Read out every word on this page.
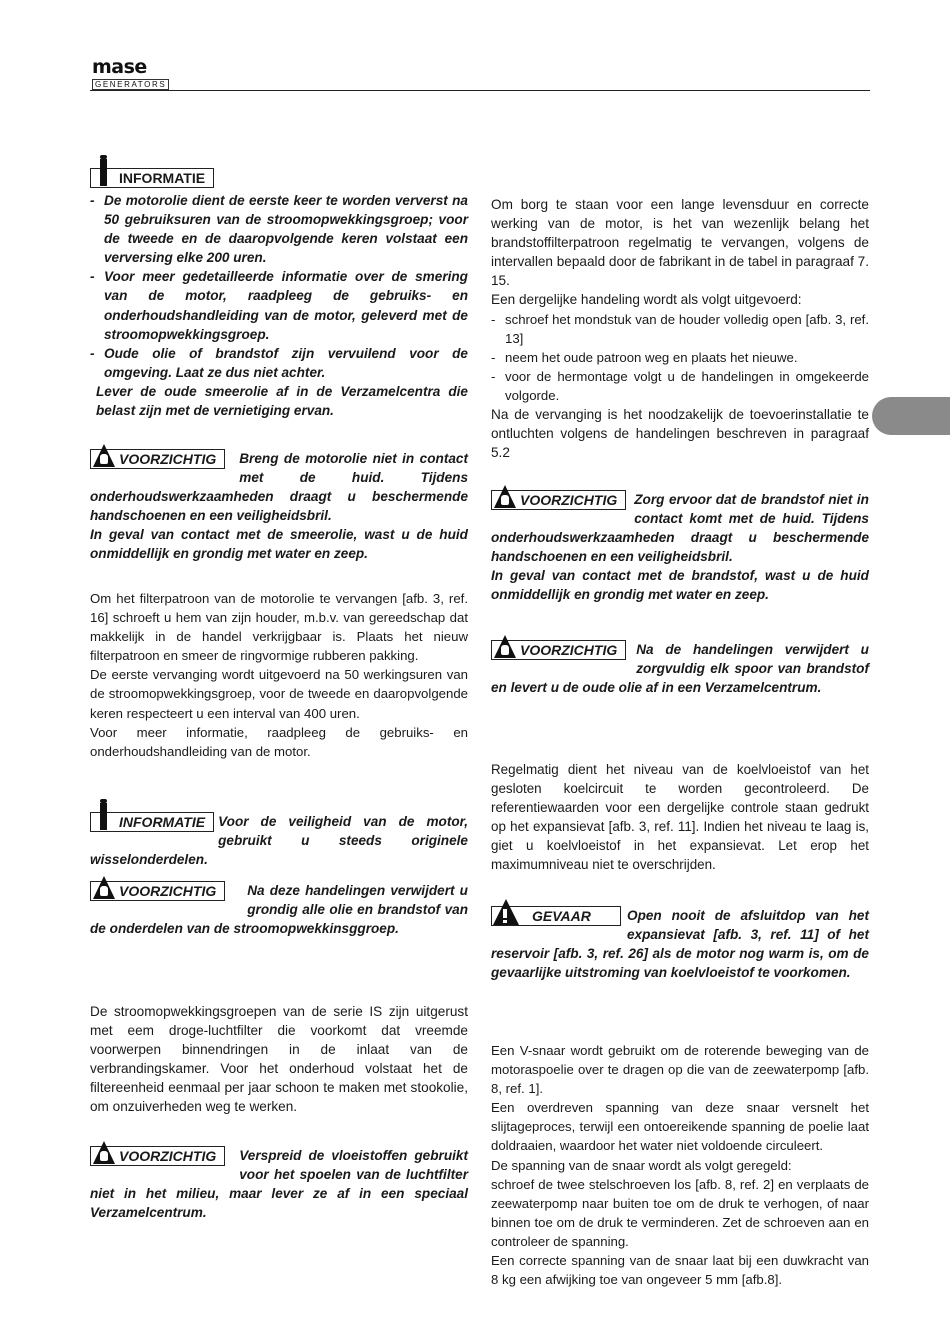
mase
GENERATORS
INFORMATIE
- De motorolie dient de eerste keer te worden ververst na 50 gebruiksuren van de stroomopwekkingsgroep; voor de tweede en de daaropvolgende keren volstaat een verversing elke 200 uren.
- Voor meer gedetailleerde informatie over de smering van de motor, raadpleeg de gebruiks- en onderhoudshandleiding van de motor, geleverd met de stroomopwekkingsgroep.
- Oude olie of brandstof zijn vervuilend voor de omgeving. Laat ze dus niet achter.
Lever de oude smeerolie af in de Verzamelcentra die belast zijn met de vernietiging ervan.
VOORZICHTIG	Breng de motorolie niet in contact met de huid. Tijdens onderhoudswerkzaamheden draagt u beschermende handschoenen en een veiligheidsbril.
In geval van contact met de smeerolie, wast u de huid onmiddellijk en grondig met water en zeep.
Om het filterpatroon van de motorolie te vervangen [afb. 3, ref. 16] schroeft u hem van zijn houder, m.b.v. van gereedschap dat makkelijk in de handel verkrijgbaar is. Plaats het nieuw filterpatroon en smeer de ringvormige rubberen pakking.
De eerste vervanging wordt uitgevoerd na 50 werkingsuren van de stroomopwekkingsgroep, voor de tweede en daaropvolgende keren respecteert u een interval van 400 uren.
Voor meer informatie, raadpleeg de gebruiks- en onderhoudshandleiding van de motor.
INFORMATIE Voor de veiligheid van de motor, gebruikt u steeds originele wisselonderdelen.
VOORZICHTIG	Na deze handelingen verwijdert u grondig alle olie en brandstof van de onderdelen van de stroomopwekkinsggroep.
De stroomopwekkingsgroepen van de serie IS zijn uitgerust met eem droge-luchtfilter die voorkomt dat vreemde voorwerpen binnendringen in de inlaat van de verbrandingskamer. Voor het onderhoud volstaat het de filtereenheid eenmaal per jaar schoon te maken met stookolie, om onzuiverheden weg te werken.
VOORZICHTIG	Verspreid de vloeistoffen gebruikt voor het spoelen van de luchtfilter niet in het milieu, maar lever ze af in een speciaal Verzamelcentrum.
Om borg te staan voor een lange levensduur en correcte werking van de motor, is het van wezenlijk belang het brandstoffilterpatroon regelmatig te vervangen, volgens de intervallen bepaald door de fabrikant in de tabel in paragraaf 7. 15.
Een dergelijke handeling wordt als volgt uitgevoerd:
- schroef het mondstuk van de houder volledig open [afb. 3, ref. 13]
- neem het oude patroon weg en plaats het nieuwe.
- voor de hermontage volgt u de handelingen in omgekeerde volgorde.
Na de vervanging is het noodzakelijk de toevoerinstallatie te ontluchten volgens de handelingen beschreven in paragraaf 5.2
VOORZICHTIG	Zorg ervoor dat de brandstof niet in contact komt met de huid. Tijdens onderhoudswerkzaamheden draagt u beschermende handschoenen en een veiligheidsbril.
In geval van contact met de brandstof, wast u de huid onmiddellijk en grondig met water en zeep.
VOORZICHTIG	Na de handelingen verwijdert u zorgvuldig elk spoor van brandstof en levert u de oude olie af in een Verzamelcentrum.
Regelmatig dient het niveau van de koelvloeistof van het gesloten koelcircuit te worden gecontroleerd. De referentiewaarden voor een dergelijke controle staan gedrukt op het expansievat [afb. 3, ref. 11]. Indien het niveau te laag is, giet u koelvloeistof in het expansievat. Let erop het maximumniveau niet te overschrijden.
GEVAAR	Open nooit de afsluitdop van het expansievat [afb. 3, ref. 11] of het reservoir [afb. 3, ref. 26] als de motor nog warm is, om de gevaarlijke uitstroming van koelvloeistof te voorkomen.
Een V-snaar wordt gebruikt om de roterende beweging van de motoraspoelie over te dragen op die van de zeewaterpomp [afb. 8, ref. 1].
Een overdreven spanning van deze snaar versnelt het slijtageproces, terwijl een ontoereikende spanning de poelie laat doldraaien, waardoor het water niet voldoende circuleert.
De spanning van de snaar wordt als volgt geregeld:
schroef de twee stelschroeven los [afb. 8, ref. 2] en verplaats de zeewaterpomp naar buiten toe om de druk te verhogen, of naar binnen toe om de druk te verminderen. Zet de schroeven aan en controleer de spanning.
Een correcte spanning van de snaar laat bij een duwkracht van 8 kg een afwijking toe van ongeveer 5 mm [afb.8].
